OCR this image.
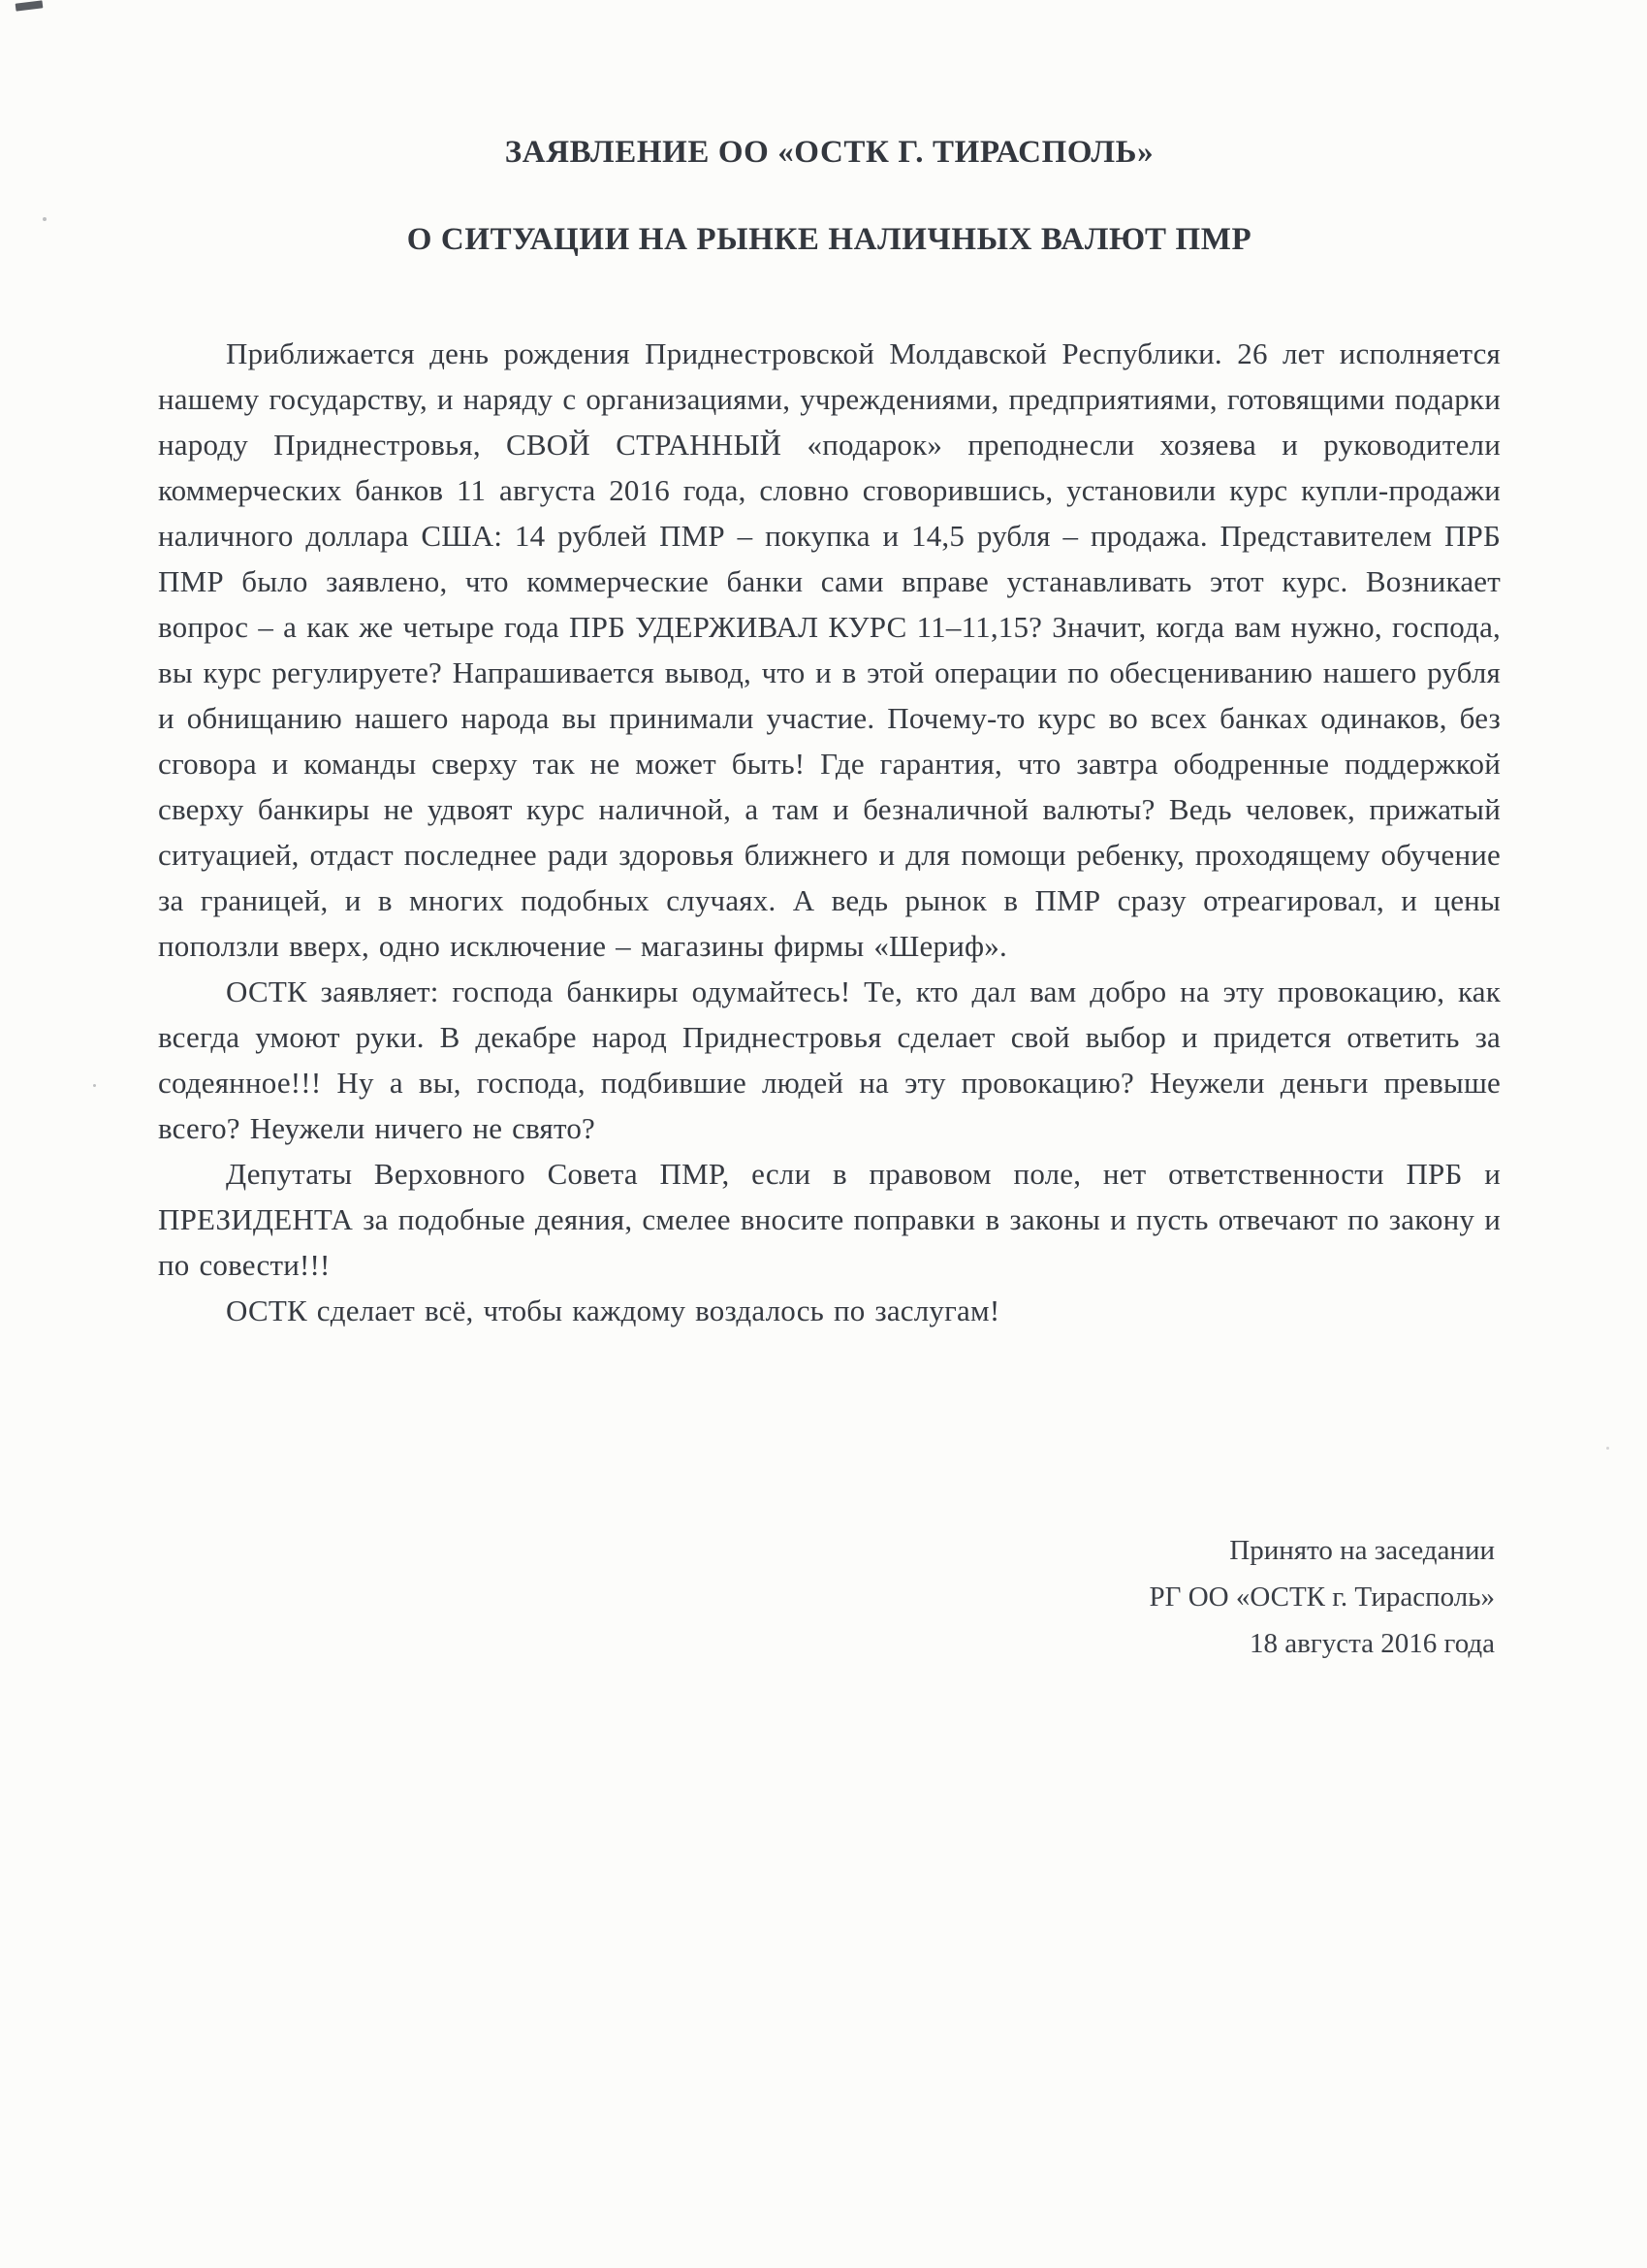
ЗАЯВЛЕНИЕ ОО «ОСТК Г. ТИРАСПОЛЬ»
О СИТУАЦИИ НА РЫНКЕ НАЛИЧНЫХ ВАЛЮТ ПМР

Приближается день рождения Приднестровской Молдавской Республики. 26 лет исполняется нашему государству, и наряду с организациями, учреждениями, предприятиями, готовящими подарки народу Приднестровья, СВОЙ СТРАННЫЙ «подарок» преподнесли хозяева и руководители коммерческих банков 11 августа 2016 года, словно сговорившись, установили курс купли-продажи наличного доллара США: 14 рублей ПМР – покупка и 14,5 рубля – продажа. Представителем ПРБ ПМР было заявлено, что коммерческие банки сами вправе устанавливать этот курс. Возникает вопрос – а как же четыре года ПРБ УДЕРЖИВАЛ КУРС 11–11,15? Значит, когда вам нужно, господа, вы курс регулируете? Напрашивается вывод, что и в этой операции по обесцениванию нашего рубля и обнищанию нашего народа вы принимали участие. Почему-то курс во всех банках одинаков, без сговора и команды сверху так не может быть! Где гарантия, что завтра ободренные поддержкой сверху банкиры не удвоят курс наличной, а там и безналичной валюты? Ведь человек, прижатый ситуацией, отдаст последнее ради здоровья ближнего и для помощи ребенку, проходящему обучение за границей, и в многих подобных случаях. А ведь рынок в ПМР сразу отреагировал, и цены поползли вверх, одно исключение – магазины фирмы «Шериф».

ОСТК заявляет: господа банкиры одумайтесь! Те, кто дал вам добро на эту провокацию, как всегда умоют руки. В декабре народ Приднестровья сделает свой выбор и придется ответить за содеянное!!! Ну а вы, господа, подбившие людей на эту провокацию? Неужели деньги превыше всего? Неужели ничего не свято?

Депутаты Верховного Совета ПМР, если в правовом поле, нет ответственности ПРБ и ПРЕЗИДЕНТА за подобные деяния, смелее вносите поправки в законы и пусть отвечают по закону и по совести!!!

ОСТК сделает всё, чтобы каждому воздалось по заслугам!

Принято на заседании
РГ ОО «ОСТК г. Тирасполь»
18 августа 2016 года
